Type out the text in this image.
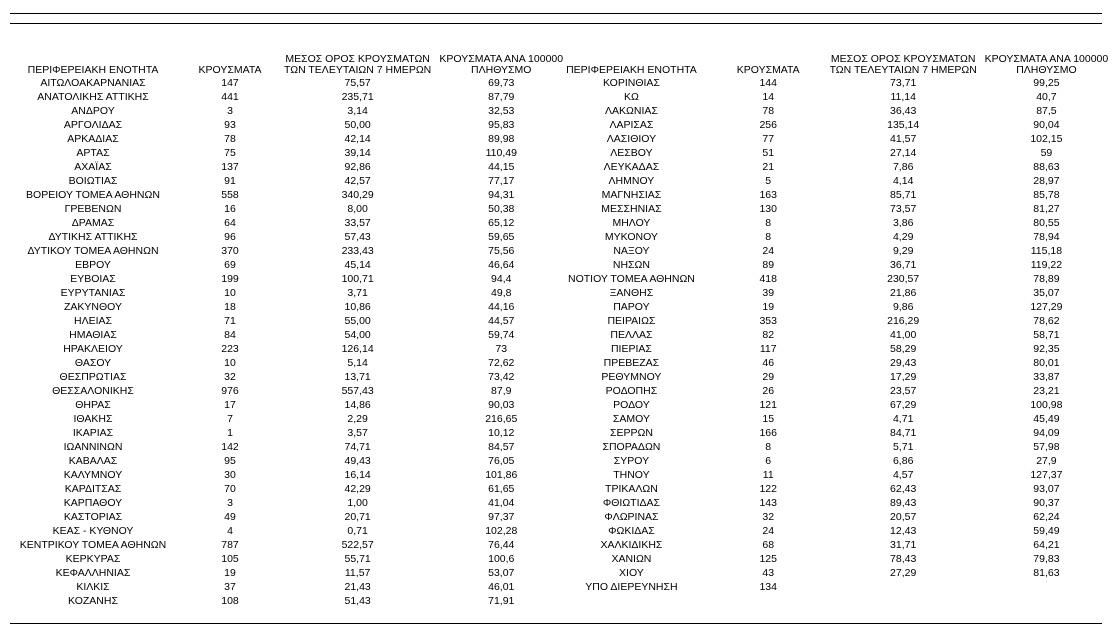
ΠΕΡΙΦΕΡΕΙΑΚΗ ΕΝΟΤΗΤΑ	ΚΡΟΥΣΜΑΤΑ	ΜΕΣΟΣ ΟΡΟΣ ΚΡΟΥΣΜΑΤΩΝ
ΤΩΝ ΤΕΛΕΥΤΑΙΩΝ 7 ΗΜΕΡΩΝ	ΚΡΟΥΣΜΑΤΑ ΑΝΑ 100000
ΠΛΗΘΥΣΜΟ

ΑΙΤΩΛΟΑΚΑΡΝΑΝΙΑΣ	147	75,57	69,73
ΑΝΑΤΟΛΙΚΗΣ ΑΤΤΙΚΗΣ	441	235,71	87,79
ΑΝΔΡΟΥ	3	3,14	32,53
ΑΡΓΟΛΙΔΑΣ	93	50,00	95,83
ΑΡΚΑΔΙΑΣ	78	42,14	89,98
ΑΡΤΑΣ	75	39,14	110,49
ΑΧΑΪΑΣ	137	92,86	44,15
ΒΟΙΩΤΙΑΣ	91	42,57	77,17
ΒΟΡΕΙΟΥ ΤΟΜΕΑ ΑΘΗΝΩΝ	558	340,29	94,31
ΓΡΕΒΕΝΩΝ	16	8,00	50,38
ΔΡΑΜΑΣ	64	33,57	65,12
ΔΥΤΙΚΗΣ ΑΤΤΙΚΗΣ	96	57,43	59,65
ΔΥΤΙΚΟΥ ΤΟΜΕΑ ΑΘΗΝΩΝ	370	233,43	75,56
ΕΒΡΟΥ	69	45,14	46,64
ΕΥΒΟΙΑΣ	199	100,71	94,4
ΕΥΡΥΤΑΝΙΑΣ	10	3,71	49,8
ΖΑΚΥΝΘΟΥ	18	10,86	44,16
ΗΛΕΙΑΣ	71	55,00	44,57
ΗΜΑΘΙΑΣ	84	54,00	59,74
ΗΡΑΚΛΕΙΟΥ	223	126,14	73
ΘΑΣΟΥ	10	5,14	72,62
ΘΕΣΠΡΩΤΙΑΣ	32	13,71	73,42
ΘΕΣΣΑΛΟΝΙΚΗΣ	976	557,43	87,9
ΘΗΡΑΣ	17	14,86	90,03
ΙΘΑΚΗΣ	7	2,29	216,65
ΙΚΑΡΙΑΣ	1	3,57	10,12
ΙΩΑΝΝΙΝΩΝ	142	74,71	84,57
ΚΑΒΑΛΑΣ	95	49,43	76,05
ΚΑΛΥΜΝΟΥ	30	16,14	101,86
ΚΑΡΔΙΤΣΑΣ	70	42,29	61,65
ΚΑΡΠΑΘΟΥ	3	1,00	41,04
ΚΑΣΤΟΡΙΑΣ	49	20,71	97,37
ΚΕΑΣ - ΚΥΘΝΟΥ	4	0,71	102,28
ΚΕΝΤΡΙΚΟΥ ΤΟΜΕΑ ΑΘΗΝΩΝ	787	522,57	76,44
ΚΕΡΚΥΡΑΣ	105	55,71	100,6
ΚΕΦΑΛΛΗΝΙΑΣ	19	11,57	53,07
ΚΙΛΚΙΣ	37	21,43	46,01
ΚΟΖΑΝΗΣ	108	51,43	71,91
ΠΕΡΙΦΕΡΕΙΑΚΗ ΕΝΟΤΗΤΑ	ΚΡΟΥΣΜΑΤΑ	ΜΕΣΟΣ ΟΡΟΣ ΚΡΟΥΣΜΑΤΩΝ
ΤΩΝ ΤΕΛΕΥΤΑΙΩΝ 7 ΗΜΕΡΩΝ	ΚΡΟΥΣΜΑΤΑ ΑΝΑ 100000
ΠΛΗΘΥΣΜΟ

ΚΟΡΙΝΘΙΑΣ	144	73,71	99,25
ΚΩ	14	11,14	40,7
ΛΑΚΩΝΙΑΣ	78	36,43	87,5
ΛΑΡΙΣΑΣ	256	135,14	90,04
ΛΑΣΙΘΙΟΥ	77	41,57	102,15
ΛΕΣΒΟΥ	51	27,14	59
ΛΕΥΚΑΔΑΣ	21	7,86	88,63
ΛΗΜΝΟΥ	5	4,14	28,97
ΜΑΓΝΗΣΙΑΣ	163	85,71	85,78
ΜΕΣΣΗΝΙΑΣ	130	73,57	81,27
ΜΗΛΟΥ	8	3,86	80,55
ΜΥΚΟΝΟΥ	8	4,29	78,94
ΝΑΞΟΥ	24	9,29	115,18
ΝΗΣΩΝ	89	36,71	119,22
ΝΟΤΙΟΥ ΤΟΜΕΑ ΑΘΗΝΩΝ	418	230,57	78,89
ΞΑΝΘΗΣ	39	21,86	35,07
ΠΑΡΟΥ	19	9,86	127,29
ΠΕΙΡΑΙΩΣ	353	216,29	78,62
ΠΕΛΛΑΣ	82	41,00	58,71
ΠΙΕΡΙΑΣ	117	58,29	92,35
ΠΡΕΒΕΖΑΣ	46	29,43	80,01
ΡΕΘΥΜΝΟΥ	29	17,29	33,87
ΡΟΔΟΠΗΣ	26	23,57	23,21
ΡΟΔΟΥ	121	67,29	100,98
ΣΑΜΟΥ	15	4,71	45,49
ΣΕΡΡΩΝ	166	84,71	94,09
ΣΠΟΡΑΔΩΝ	8	5,71	57,98
ΣΥΡΟΥ	6	6,86	27,9
ΤΗΝΟΥ	11	4,57	127,37
ΤΡΙΚΑΛΩΝ	122	62,43	93,07
ΦΘΙΩΤΙΔΑΣ	143	89,43	90,37
ΦΛΩΡΙΝΑΣ	32	20,57	62,24
ΦΩΚΙΔΑΣ	24	12,43	59,49
ΧΑΛΚΙΔΙΚΗΣ	68	31,71	64,21
ΧΑΝΙΩΝ	125	78,43	79,83
ΧΙΟΥ	43	27,29	81,63
ΥΠΟ ΔΙΕΡΕΥΝΗΣΗ	134		
